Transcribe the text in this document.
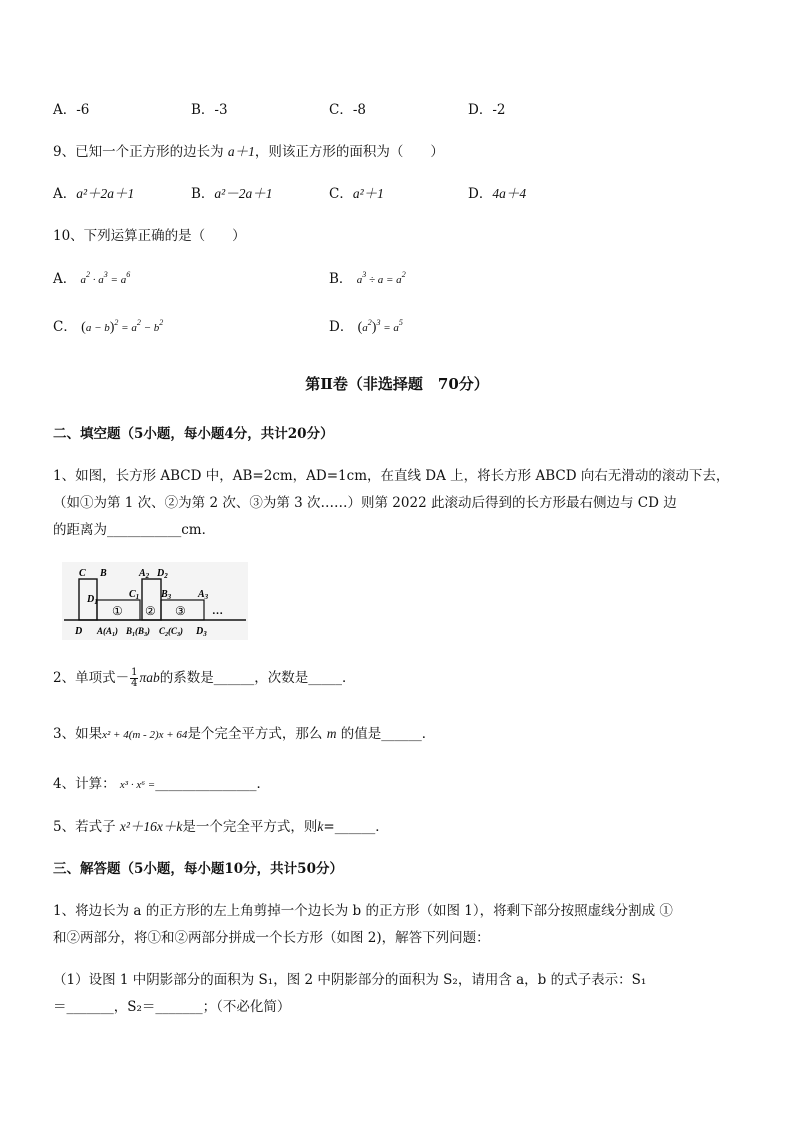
A．-6	B．-3	C．-8	D．-2
9、已知一个正方形的边长为 a＋1，则该正方形的面积为（　　）
A．a²＋2a＋1	B．a²－2a＋1	C．a²＋1	D．4a＋4
10、下列运算正确的是（　　）
A． $a^2 \cdot a^3 = a^6$	B． $a^3 \div a = a^2$
C． $(a - b)^2 = a^2 - b^2$	D． $(a^2)^3 = a^5$
第Ⅱ卷（非选择题　70分）
二、填空题（5小题，每小题4分，共计20分）
1、如图，长方形 ABCD 中，AB=2cm，AD=1cm，在直线 DA 上，将长方形 ABCD 向右无滑动的滚动下去，
（如①为第 1 次、②为第 2 次、③为第 3 次……）则第 2022 此滚动后得到的长方形最右侧边与 CD 边
的距离为___________cm．
C B	$A_2$ $D_2$
$D_1$
$C_1$ $B_3$	$A_3$
① ② ③ …
D $A(A_1)$ $B_1(B_3)$ $C_2(C_3)$ $D_3$
2、单项式－ $\frac{1}{4}$ πab的系数是______，次数是_____．
3、如果x² + 4(m - 2)x + 64是个完全平方式，那么 m 的值是______．
4、计算： x³ · x⁶ =_______________．
5、若式子 x²＋16x＋k是一个完全平方式，则k=______．
三、解答题（5小题，每小题10分，共计50分）
1、将边长为 a 的正方形的左上角剪掉一个边长为 b 的正方形（如图 1），将剩下部分按照虚线分割成 ①
和②两部分，将①和②两部分拼成一个长方形（如图 2)，解答下列问题：
（1）设图 1 中阴影部分的面积为 S₁，图 2 中阴影部分的面积为 S₂，请用含 a，b 的式子表示：S₁
＝_______，S₂＝_______；（不必化简）
